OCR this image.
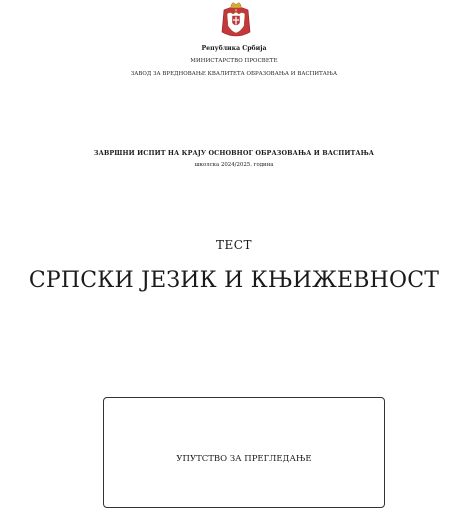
Република Србија
МИНИСТАРСТВО ПРОСВЕТЕ
ЗАВОД ЗА ВРЕДНОВАЊЕ КВАЛИТЕТА ОБРАЗОВАЊА И ВАСПИТАЊА
ЗАВРШНИ ИСПИТ НА КРАЈУ ОСНОВНОГ ОБРАЗОВАЊА И ВАСПИТАЊА
школска 2024/2025. година
ТЕСТ
СРПСКИ ЈЕЗИК И КЊИЖЕВНОСТ
УПУТСТВО ЗА ПРЕГЛЕДАЊЕ
